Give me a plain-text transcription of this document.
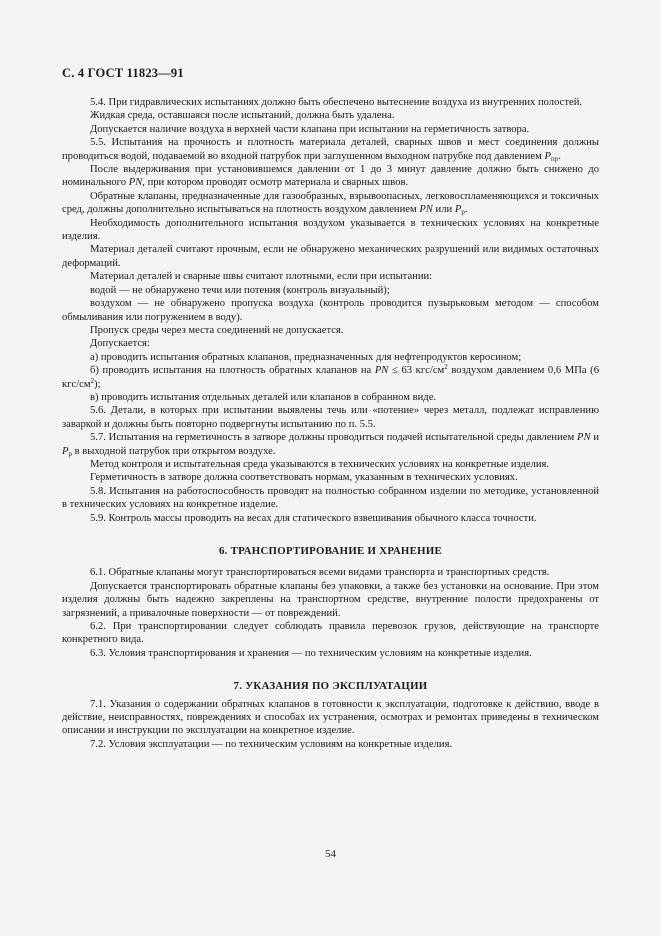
С. 4 ГОСТ 11823—91

5.4. При гидравлических испытаниях должно быть обеспечено вытеснение воздуха из внутренних полостей.

Жидкая среда, оставшаяся после испытаний, должна быть удалена.

Допускается наличие воздуха в верхней части клапана при испытании на герметичность затвора.

5.5. Испытания на прочность и плотность материала деталей, сварных швов и мест соединения должны проводиться водой, подаваемой во входной патрубок при заглушенном выходном патрубке под давлением $P_{пр}$.

После выдерживания при установившемся давлении от 1 до 3 минут давление должно быть снижено до номинального PN, при котором проводят осмотр материала и сварных швов.

Обратные клапаны, предназначенные для газообразных, взрывоопасных, легковоспламеняющихся и токсичных сред, должны дополнительно испытываться на плотность воздухом давлением PN или $P_р$.

Необходимость дополнительного испытания воздухом указывается в технических условиях на конкретные изделия.

Материал деталей считают прочным, если не обнаружено механических разрушений или видимых остаточных деформаций.

Материал деталей и сварные швы считают плотными, если при испытании:

водой — не обнаружено течи или потения (контроль визуальный);

воздухом — не обнаружено пропуска воздуха (контроль проводится пузырьковым методом — способом обмыливания или погружением в воду).

Пропуск среды через места соединений не допускается.

Допускается:

а) проводить испытания обратных клапанов, предназначенных для нефтепродуктов керосином;

б) проводить испытания на плотность обратных клапанов на PN ≤ 63 кгс/$см^2$ воздухом давлением 0,6 МПа (6 кгс/$см^2$);

в) проводить испытания отдельных деталей или клапанов в собранном виде.

5.6. Детали, в которых при испытании выявлены течь или «потение» через металл, подлежат исправлению заваркой и должны быть повторно подвергнуты испытанию по п. 5.5.

5.7. Испытания на герметичность в затворе должны проводиться подачей испытательной среды давлением PN и $P_р$ в выходной патрубок при открытом воздухе.

Метод контроля и испытательная среда указываются в технических условиях на конкретные изделия.

Герметичность в затворе должна соответствовать нормам, указанным в технических условиях.

5.8. Испытания на работоспособность проводят на полностью собранном изделии по методике, установленной в технических условиях на конкретное изделие.

5.9. Контроль массы проводить на весах для статического взвешивания обычного класса точности.

6. ТРАНСПОРТИРОВАНИЕ И ХРАНЕНИЕ

6.1. Обратные клапаны могут транспортироваться всеми видами транспорта и транспортных средств.

Допускается транспортировать обратные клапаны без упаковки, а также без установки на основание. При этом изделия должны быть надежно закреплены на транспортном средстве, внутренние полости предохранены от загрязнений, а привалочные поверхности — от повреждений.

6.2. При транспортировании следует соблюдать правила перевозок грузов, действующие на транспорте конкретного вида.

6.3. Условия транспортирования и хранения — по техническим условиям на конкретные изделия.

7. УКАЗАНИЯ ПО ЭКСПЛУАТАЦИИ

7.1. Указания о содержании обратных клапанов в готовности к эксплуатации, подготовке к действию, вводе в действие, неисправностях, повреждениях и способах их устранения, осмотрах и ремонтах приведены в техническом описании и инструкции по эксплуатации на конкретное изделие.

7.2. Условия эксплуатации — по техническим условиям на конкретные изделия.

54
